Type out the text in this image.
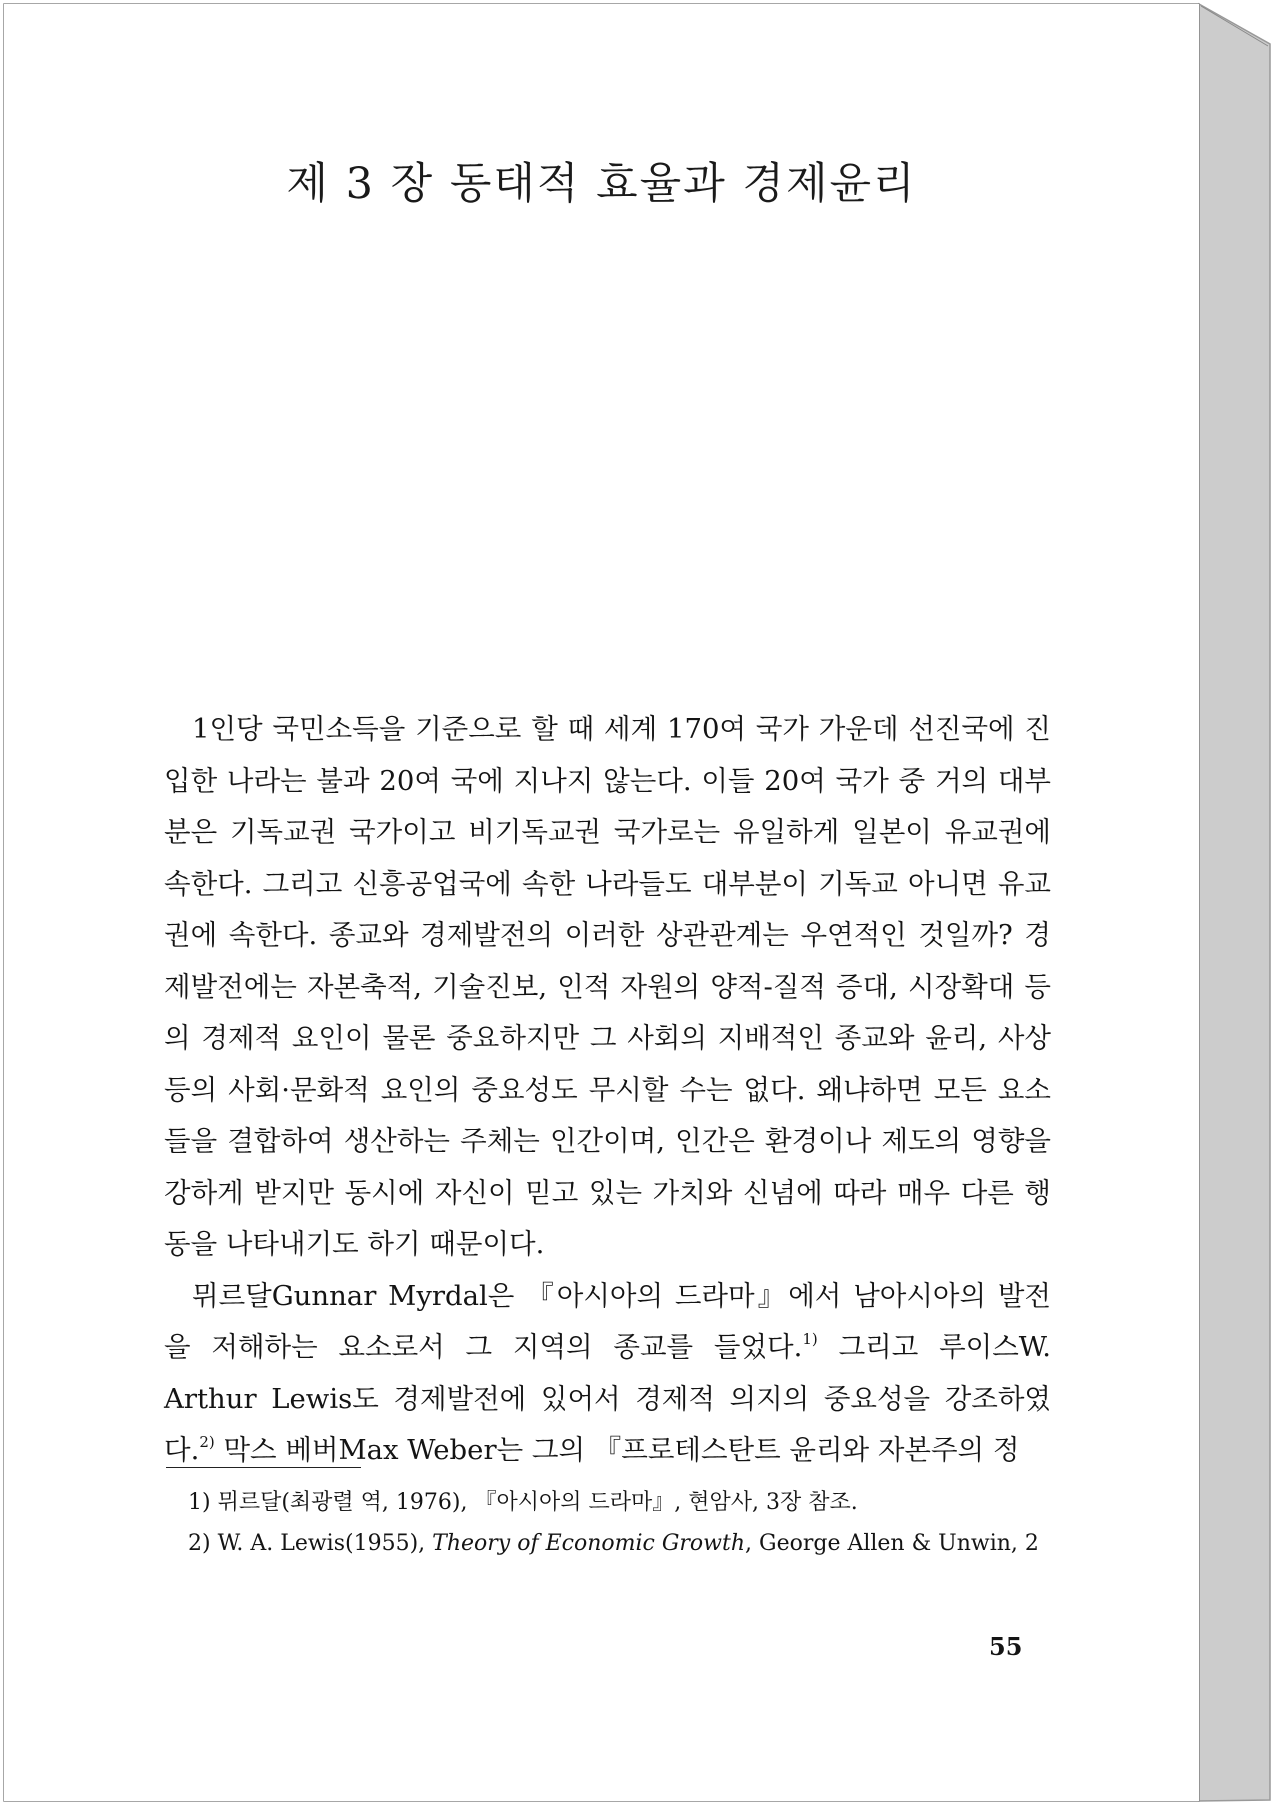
제 3 장 동태적 효율과 경제윤리

1인당 국민소득을 기준으로 할 때 세계 170여 국가 가운데 선진국에 진입한 나라는 불과 20여 국에 지나지 않는다. 이들 20여 국가 중 거의 대부분은 기독교권 국가이고 비기독교권 국가로는 유일하게 일본이 유교권에 속한다. 그리고 신흥공업국에 속한 나라들도 대부분이 기독교 아니면 유교권에 속한다. 종교와 경제발전의 이러한 상관관계는 우연적인 것일까? 경제발전에는 자본축적, 기술진보, 인적 자원의 양적-질적 증대, 시장확대 등의 경제적 요인이 물론 중요하지만 그 사회의 지배적인 종교와 윤리, 사상 등의 사회·문화적 요인의 중요성도 무시할 수는 없다. 왜냐하면 모든 요소들을 결합하여 생산하는 주체는 인간이며, 인간은 환경이나 제도의 영향을 강하게 받지만 동시에 자신이 믿고 있는 가치와 신념에 따라 매우 다른 행동을 나타내기도 하기 때문이다.

뮈르달Gunnar Myrdal은 『아시아의 드라마』에서 남아시아의 발전을 저해하는 요소로서 그 지역의 종교를 들었다.$^{1)}$ 그리고 루이스W. Arthur Lewis도 경제발전에 있어서 경제적 의지의 중요성을 강조하였다.$^{2)}$ 막스 베버Max Weber는 그의 『프로테스탄트 윤리와 자본주의 정

1) 뮈르달(최광렬 역, 1976), 『아시아의 드라마』, 현암사, 3장 참조.
2) W. A. Lewis(1955), Theory of Economic Growth, George Allen & Unwin, 2
55
